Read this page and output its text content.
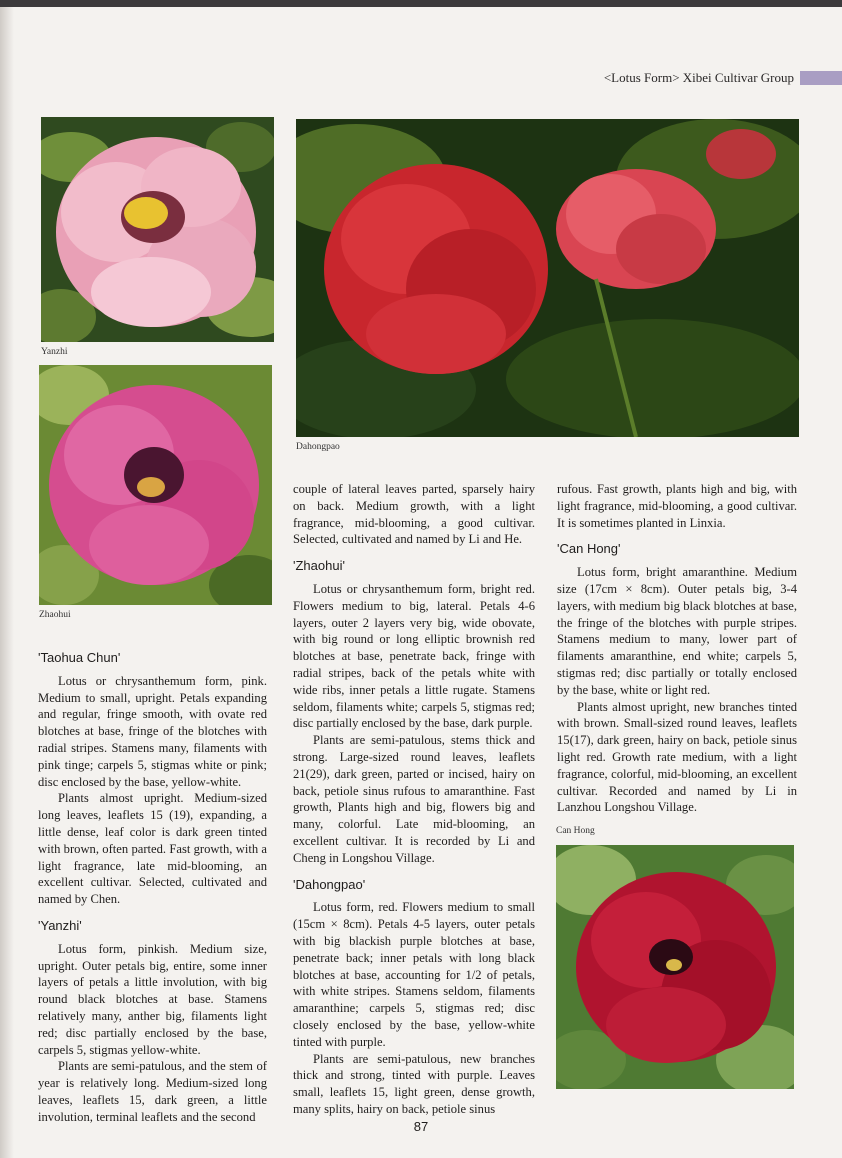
<Lotus Form> Xibei Cultivar Group
Yanzhi
Zhaohui
Dahongpao
Can Hong
'Taohua Chun'

Lotus or chrysanthemum form, pink. Medium to small, upright. Petals expanding and regular, fringe smooth, with ovate red blotches at base, fringe of the blotches with radial stripes. Stamens many, filaments with pink tinge; carpels 5, stigmas white or pink; disc enclosed by the base, yellow-white.

Plants almost upright. Medium-sized long leaves, leaflets 15 (19), expanding, a little dense, leaf color is dark green tinted with brown, often parted. Fast growth, with a light fragrance, late mid-blooming, an excellent cultivar. Selected, cultivated and named by Chen.

'Yanzhi'

Lotus form, pinkish. Medium size, upright. Outer petals big, entire, some inner layers of petals a little involution, with big round black blotches at base. Stamens relatively many, anther big, filaments light red; disc partially enclosed by the base, carpels 5, stigmas yellow-white.

Plants are semi-patulous, and the stem of year is relatively long. Medium-sized long leaves, leaflets 15, dark green, a little involution, terminal leaflets and the second

couple of lateral leaves parted, sparsely hairy on back. Medium growth, with a light fragrance, mid-blooming, a good cultivar. Selected, cultivated and named by Li and He.

'Zhaohui'

Lotus or chrysanthemum form, bright red. Flowers medium to big, lateral. Petals 4-6 layers, outer 2 layers very big, wide obovate, with big round or long elliptic brownish red blotches at base, penetrate back, fringe with radial stripes, back of the petals white with wide ribs, inner petals a little rugate. Stamens seldom, filaments white; carpels 5, stigmas red; disc partially enclosed by the base, dark purple.

Plants are semi-patulous, stems thick and strong. Large-sized round leaves, leaflets 21(29), dark green, parted or incised, hairy on back, petiole sinus rufous to amaranthine. Fast growth, Plants high and big, flowers big and many, colorful. Late mid-blooming, an excellent cultivar. It is recorded by Li and Cheng in Longshou Village.

'Dahongpao'

Lotus form, red. Flowers medium to small (15cm × 8cm). Petals 4-5 layers, outer petals with big blackish purple blotches at base, penetrate back; inner petals with long black blotches at base, accounting for 1/2 of petals, with white stripes. Stamens seldom, filaments amaranthine; carpels 5, stigmas red; disc closely enclosed by the base, yellow-white tinted with purple.

Plants are semi-patulous, new branches thick and strong, tinted with purple. Leaves small, leaflets 15, light green, dense growth, many splits, hairy on back, petiole sinus

rufous. Fast growth, plants high and big, with light fragrance, mid-blooming, a good cultivar. It is sometimes planted in Linxia.

'Can Hong'

Lotus form, bright amaranthine. Medium size (17cm × 8cm). Outer petals big, 3-4 layers, with medium big black blotches at base, the fringe of the blotches with purple stripes. Stamens medium to many, lower part of filaments amaranthine, end white; carpels 5, stigmas red; disc partially or totally enclosed by the base, white or light red.

Plants almost upright, new branches tinted with brown. Small-sized round leaves, leaflets 15(17), dark green, hairy on back, petiole sinus light red. Growth rate medium, with a light fragrance, colorful, mid-blooming, an excellent cultivar. Recorded and named by Li in Lanzhou Longshou Village.

87
